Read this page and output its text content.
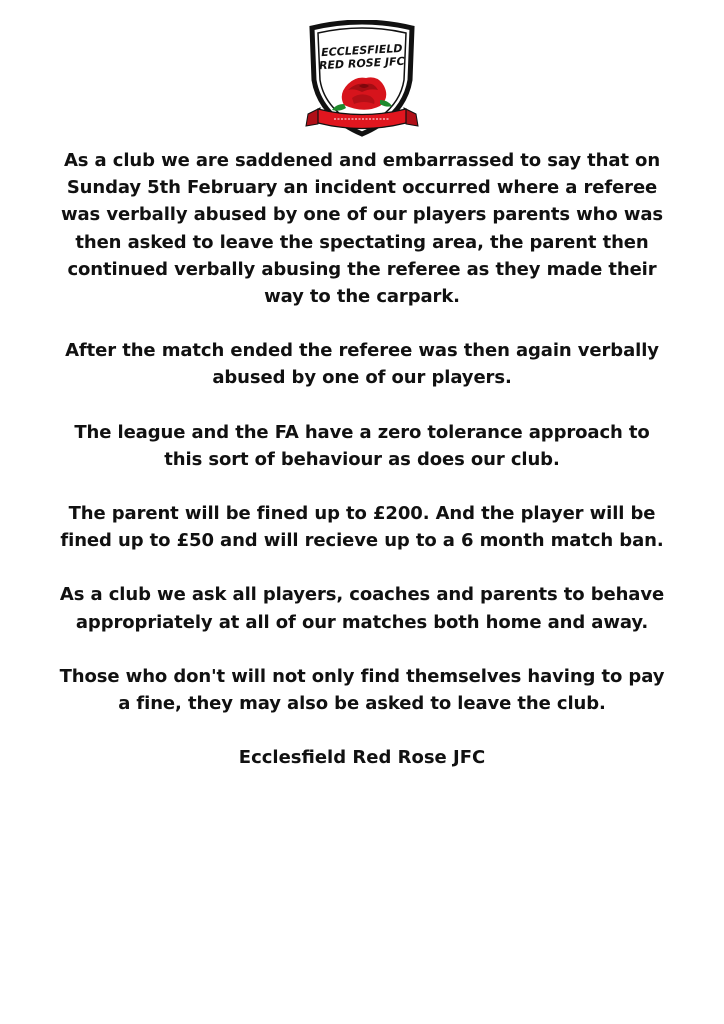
ECCLESFIELD
RED ROSE JFC

As a club we are saddened and embarrassed to say that on Sunday 5th February an incident occurred where a referee was verbally abused by one of our players parents who was then asked to leave the spectating area, the parent then continued verbally abusing the referee as they made their way to the carpark.

After the match ended the referee was then again verbally abused by one of our players.

The league and the FA have a zero tolerance approach to this sort of behaviour as does our club.

The parent will be fined up to £200. And the player will be fined up to £50 and will recieve up to a 6 month match ban.

As a club we ask all players, coaches and parents to behave appropriately at all of our matches both home and away.

Those who don't will not only find themselves having to pay a fine, they may also be asked to leave the club.

Ecclesfield Red Rose JFC
